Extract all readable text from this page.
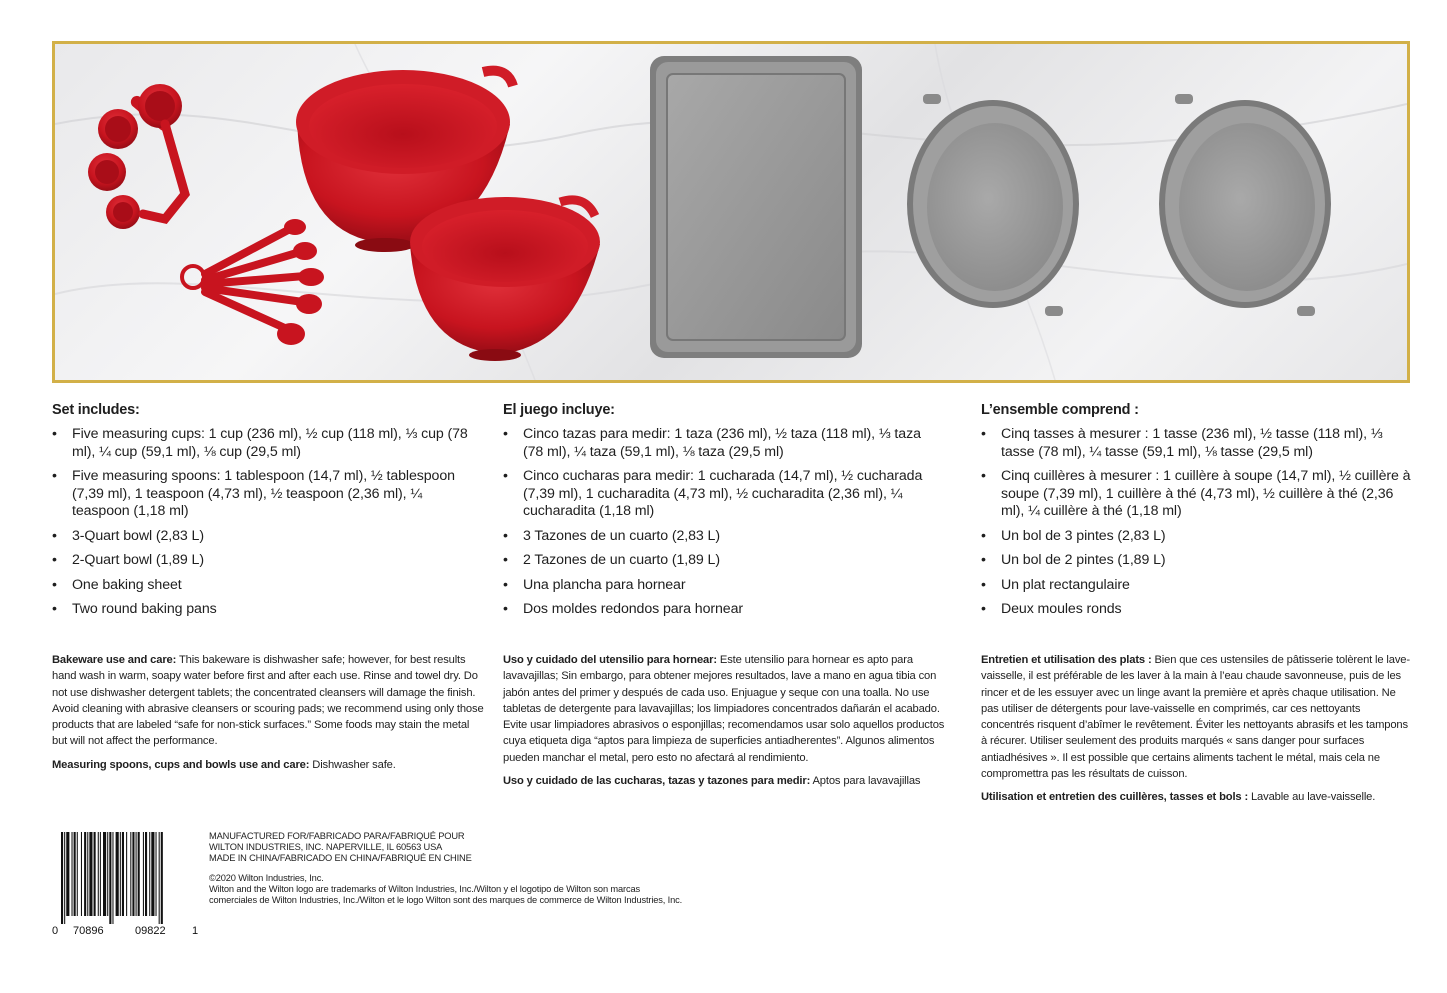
Set includes:
• Five measuring cups: 1 cup (236 ml), ½ cup (118 ml), ⅓ cup (78 ml), ¼ cup (59,1 ml), ⅛ cup (29,5 ml)
• Five measuring spoons: 1 tablespoon (14,7 ml), ½ tablespoon (7,39 ml), 1 teaspoon (4,73 ml), ½ teaspoon (2,36 ml), ¼ teaspoon (1,18 ml)
• 3-Quart bowl (2,83 L)
• 2-Quart bowl (1,89 L)
• One baking sheet
• Two round baking pans
El juego incluye:
• Cinco tazas para medir: 1 taza (236 ml), ½ taza (118 ml), ⅓ taza (78 ml), ¼ taza (59,1 ml), ⅛ taza (29,5 ml)
• Cinco cucharas para medir: 1 cucharada (14,7 ml), ½ cucharada (7,39 ml), 1 cucharadita (4,73 ml), ½ cucharadita (2,36 ml), ¼ cucharadita (1,18 ml)
• 3 Tazones de un cuarto (2,83 L)
• 2 Tazones de un cuarto (1,89 L)
• Una plancha para hornear
• Dos moldes redondos para hornear
L’ensemble comprend :
• Cinq tasses à mesurer : 1 tasse (236 ml), ½ tasse (118 ml), ⅓ tasse (78 ml), ¼ tasse (59,1 ml), ⅛ tasse (29,5 ml)
• Cinq cuillères à mesurer : 1 cuillère à soupe (14,7 ml), ½ cuillère à soupe (7,39 ml), 1 cuillère à thé (4,73 ml), ½ cuillère à thé (2,36 ml), ¼ cuillère à thé (1,18 ml)
• Un bol de 3 pintes (2,83 L)
• Un bol de 2 pintes (1,89 L)
• Un plat rectangulaire
• Deux moules ronds

Bakeware use and care: This bakeware is dishwasher safe; however, for best results hand wash in warm, soapy water before first and after each use. Rinse and towel dry. Do not use dishwasher detergent tablets; the concentrated cleansers will damage the finish. Avoid cleaning with abrasive cleansers or scouring pads; we recommend using only those products that are labeled “safe for non-stick surfaces.” Some foods may stain the metal but will not affect the performance.

Measuring spoons, cups and bowls use and care: Dishwasher safe.

Uso y cuidado del utensilio para hornear: Este utensilio para hornear es apto para lavavajillas; Sin embargo, para obtener mejores resultados, lave a mano en agua tibia con jabón antes del primer y después de cada uso. Enjuague y seque con una toalla. No use tabletas de detergente para lavavajillas; los limpiadores concentrados dañarán el acabado. Evite usar limpiadores abrasivos o esponjillas; recomendamos usar solo aquellos productos cuya etiqueta diga “aptos para limpieza de superficies antiadherentes”. Algunos alimentos pueden manchar el metal, pero esto no afectará al rendimiento.

Uso y cuidado de las cucharas, tazas y tazones para medir: Aptos para lavavajillas

Entretien et utilisation des plats : Bien que ces ustensiles de pâtisserie tolèrent le lave-vaisselle, il est préférable de les laver à la main à l’eau chaude savonneuse, puis de les rincer et de les essuyer avec un linge avant la première et après chaque utilisation. Ne pas utiliser de détergents pour lave-vaisselle en comprimés, car ces nettoyants concentrés risquent d’abîmer le revêtement. Éviter les nettoyants abrasifs et les tampons à récurer. Utiliser seulement des produits marqués « sans danger pour surfaces antiadhésives ». Il est possible que certains aliments tachent le métal, mais cela ne compromettra pas les résultats de cuisson.

Utilisation et entretien des cuillères, tasses et bols : Lavable au lave-vaisselle.

0 70896	09822 1
MANUFACTURED FOR/FABRICADO PARA/FABRIQUÉ POUR
WILTON INDUSTRIES, INC. NAPERVILLE, IL 60563 USA
MADE IN CHINA/FABRICADO EN CHINA/FABRIQUÉ EN CHINE
©2020 Wilton Industries, Inc.
Wilton and the Wilton logo are trademarks of Wilton Industries, Inc./Wilton y el logotipo de Wilton son marcas
comerciales de Wilton Industries, Inc./Wilton et le logo Wilton sont des marques de commerce de Wilton Industries, Inc.
